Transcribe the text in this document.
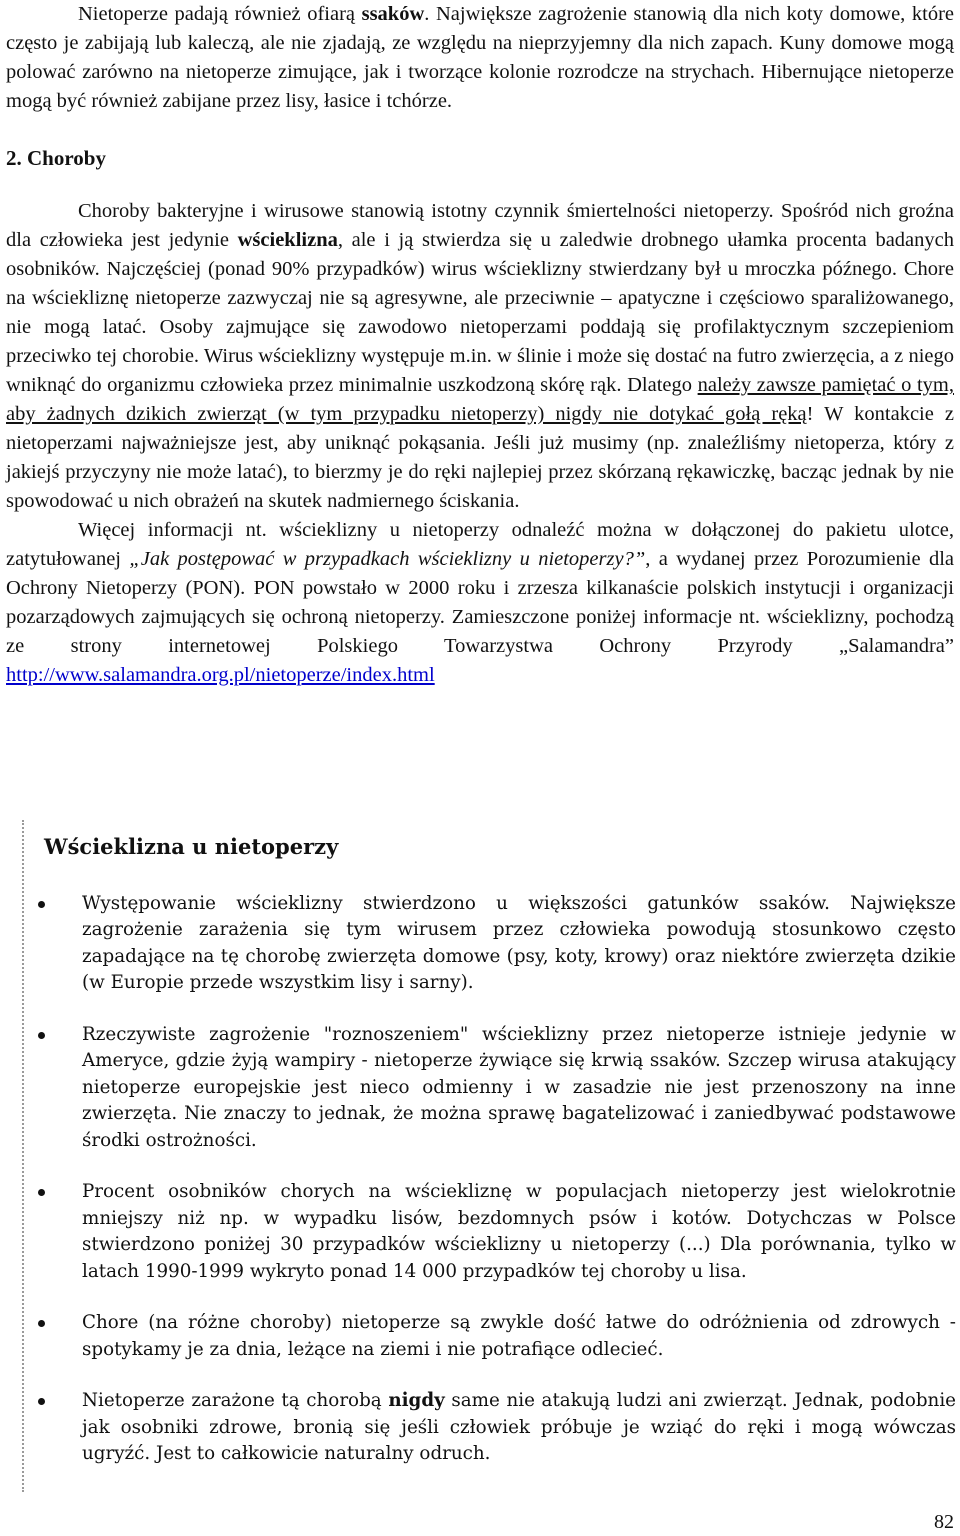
Nietoperze padają również ofiarą ssaków. Największe zagrożenie stanowią dla nich koty domowe, które często je zabijają lub kaleczą, ale nie zjadają, ze względu na nieprzyjemny dla nich zapach. Kuny domowe mogą polować zarówno na nietoperze zimujące, jak i tworzące kolonie rozrodcze na strychach. Hibernujące nietoperze mogą być również zabijane przez lisy, łasice i tchórze.

2. Choroby

Choroby bakteryjne i wirusowe stanowią istotny czynnik śmiertelności nietoperzy. Spośród nich groźna dla człowieka jest jedynie wścieklizna, ale i ją stwierdza się u zaledwie drobnego ułamka procenta badanych osobników. Najczęściej (ponad 90% przypadków) wirus wścieklizny stwierdzany był u mroczka późnego. Chore na wściekliznę nietoperze zazwyczaj nie są agresywne, ale przeciwnie – apatyczne i częściowo sparaliżowanego, nie mogą latać. Osoby zajmujące się zawodowo nietoperzami poddają się profilaktycznym szczepieniom przeciwko tej chorobie. Wirus wścieklizny występuje m.in. w ślinie i może się dostać na futro zwierzęcia, a z niego wniknąć do organizmu człowieka przez minimalnie uszkodzoną skórę rąk. Dlatego należy zawsze pamiętać o tym, aby żadnych dzikich zwierząt (w tym przypadku nietoperzy) nigdy nie dotykać gołą ręką! W kontakcie z nietoperzami najważniejsze jest, aby uniknąć pokąsania. Jeśli już musimy (np. znaleźliśmy nietoperza, który z jakiejś przyczyny nie może latać), to bierzmy je do ręki najlepiej przez skórzaną rękawiczkę, bacząc jednak by nie spowodować u nich obrażeń na skutek nadmiernego ściskania.

Więcej informacji nt. wścieklizny u nietoperzy odnaleźć można w dołączonej do pakietu ulotce, zatytułowanej „Jak postępować w przypadkach wścieklizny u nietoperzy?”, a wydanej przez Porozumienie dla Ochrony Nietoperzy (PON). PON powstało w 2000 roku i zrzesza kilkanaście polskich instytucji i organizacji pozarządowych zajmujących się ochroną nietoperzy. Zamieszczone poniżej informacje nt. wścieklizny, pochodzą ze strony internetowej Polskiego Towarzystwa Ochrony Przyrody „Salamandra” http://www.salamandra.org.pl/nietoperze/index.html

Wścieklizna u nietoperzy
Występowanie wścieklizny stwierdzono u większości gatunków ssaków. Największe zagrożenie zarażenia się tym wirusem przez człowieka powodują stosunkowo często zapadające na tę chorobę zwierzęta domowe (psy, koty, krowy) oraz niektóre zwierzęta dzikie (w Europie przede wszystkim lisy i sarny).
Rzeczywiste zagrożenie "roznoszeniem" wścieklizny przez nietoperze istnieje jedynie w Ameryce, gdzie żyją wampiry - nietoperze żywiące się krwią ssaków. Szczep wirusa atakujący nietoperze europejskie jest nieco odmienny i w zasadzie nie jest przenoszony na inne zwierzęta. Nie znaczy to jednak, że można sprawę bagatelizować i zaniedbywać podstawowe środki ostrożności.
Procent osobników chorych na wściekliznę w populacjach nietoperzy jest wielokrotnie mniejszy niż np. w wypadku lisów, bezdomnych psów i kotów. Dotychczas w Polsce stwierdzono poniżej 30 przypadków wścieklizny u nietoperzy (...) Dla porównania, tylko w latach 1990-1999 wykryto ponad 14 000 przypadków tej choroby u lisa.
Chore (na różne choroby) nietoperze są zwykle dość łatwe do odróżnienia od zdrowych - spotykamy je za dnia, leżące na ziemi i nie potrafiące odlecieć.
Nietoperze zarażone tą chorobą nigdy same nie atakują ludzi ani zwierząt. Jednak, podobnie jak osobniki zdrowe, bronią się jeśli człowiek próbuje je wziąć do ręki i mogą wówczas ugryźć. Jest to całkowicie naturalny odruch.
82
